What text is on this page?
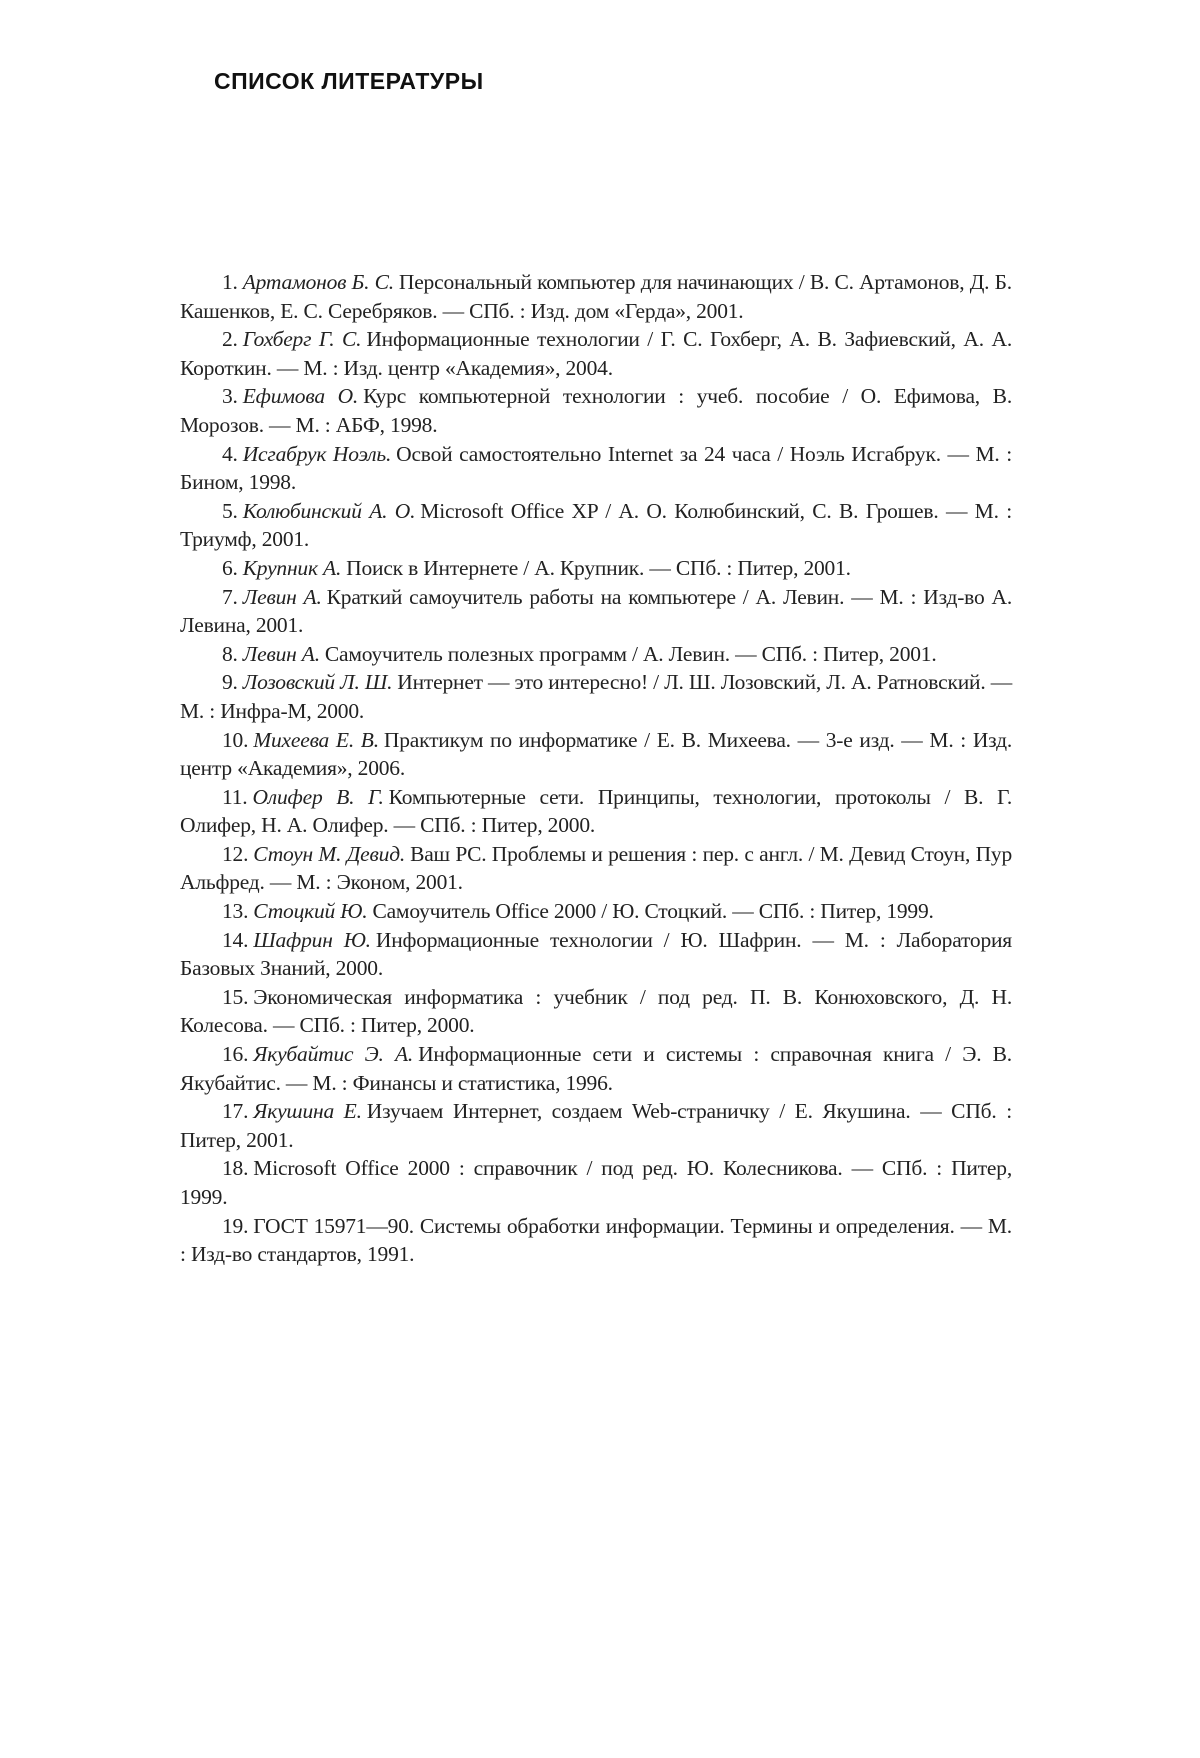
СПИСОК ЛИТЕРАТУРЫ
1. Артамонов Б. С. Персональный компьютер для начинающих / В. С. Артамонов, Д. Б. Кашенков, Е. С. Серебряков. — СПб. : Изд. дом «Герда», 2001.
2. Гохберг Г. С. Информационные технологии / Г. С. Гохберг, А. В. Зафиевский, А. А. Короткин. — М. : Изд. центр «Академия», 2004.
3. Ефимова О. Курс компьютерной технологии : учеб. пособие / О. Ефимова, В. Морозов. — М. : АБФ, 1998.
4. Исгабрук Ноэль. Освой самостоятельно Internet за 24 часа / Ноэль Исгабрук. — М. : Бином, 1998.
5. Колюбинский А. О. Microsoft Office XP / А. О. Колюбинский, С. В. Грошев. — М. : Триумф, 2001.
6. Крупник А. Поиск в Интернете / А. Крупник. — СПб. : Питер, 2001.
7. Левин А. Краткий самоучитель работы на компьютере / А. Левин. — М. : Изд-во А. Левина, 2001.
8. Левин А. Самоучитель полезных программ / А. Левин. — СПб. : Питер, 2001.
9. Лозовский Л. Ш. Интернет — это интересно! / Л. Ш. Лозовский, Л. А. Ратновский. — М. : Инфра-М, 2000.
10. Михеева Е. В. Практикум по информатике / Е. В. Михеева. — 3-е изд. — М. : Изд. центр «Академия», 2006.
11. Олифер В. Г. Компьютерные сети. Принципы, технологии, протоколы / В. Г. Олифер, Н. А. Олифер. — СПб. : Питер, 2000.
12. Стоун М. Девид. Ваш PC. Проблемы и решения : пер. с англ. / М. Девид Стоун, Пур Альфред. — М. : Эконом, 2001.
13. Стоцкий Ю. Самоучитель Office 2000 / Ю. Стоцкий. — СПб. : Питер, 1999.
14. Шафрин Ю. Информационные технологии / Ю. Шафрин. — М. : Лаборатория Базовых Знаний, 2000.
15. Экономическая информатика : учебник / под ред. П. В. Конюховского, Д. Н. Колесова. — СПб. : Питер, 2000.
16. Якубайтис Э. А. Информационные сети и системы : справочная книга / Э. В. Якубайтис. — М. : Финансы и статистика, 1996.
17. Якушина Е. Изучаем Интернет, создаем Web-страничку / Е. Якушина. — СПб. : Питер, 2001.
18. Microsoft Office 2000 : справочник / под ред. Ю. Колесникова. — СПб. : Питер, 1999.
19. ГОСТ 15971—90. Системы обработки информации. Термины и определения. — М. : Изд-во стандартов, 1991.
